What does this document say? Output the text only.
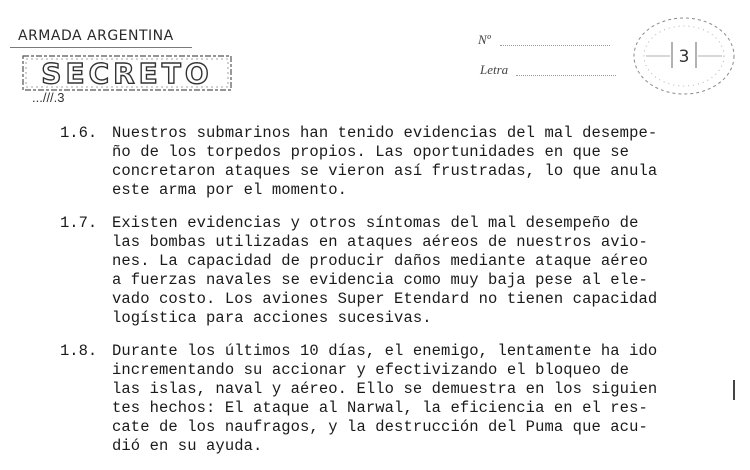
ARMADA ARGENTINA
SECRETO
...///.3
Nº
Letra
3
1.6. Nuestros submarinos han tenido evidencias del mal desempe-
ño de los torpedos propios. Las oportunidades en que se
concretaron ataques se vieron así frustradas, lo que anula
este arma por el momento.
1.7. Existen evidencias y otros síntomas del mal desempeño de
las bombas utilizadas en ataques aéreos de nuestros avio-
nes. La capacidad de producir daños mediante ataque aéreo
a fuerzas navales se evidencia como muy baja pese al ele-
vado costo. Los aviones Super Etendard no tienen capacidad
logística para acciones sucesivas.
1.8. Durante los últimos 10 días, el enemigo, lentamente ha ido
incrementando su accionar y efectivizando el bloqueo de
las islas, naval y aéreo. Ello se demuestra en los siguien
tes hechos: El ataque al Narwal, la eficiencia en el res-
cate de los naufragos, y la destrucción del Puma que acu-
dió en su ayuda.
